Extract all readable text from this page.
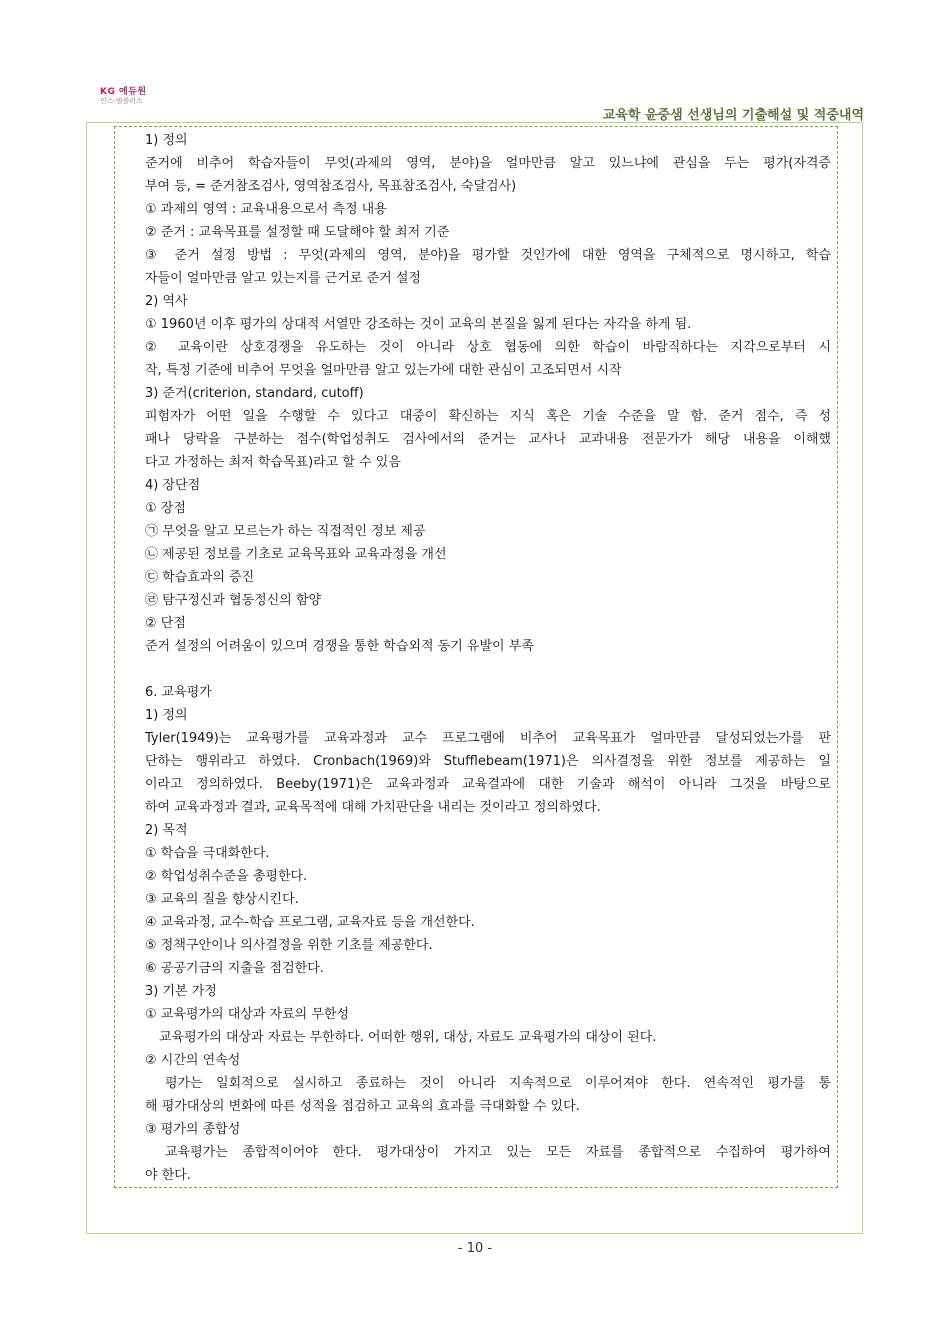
KG 에듀원
인스·범플러스
교육학 윤중샘 선생님의 기출해설 및 적중내역
1) 정의
준거에 비추어 학습자들이 무엇(과제의 영역, 분야)을 얼마만큼 알고 있느냐에 관심을 두는 평가(자격증
부여 등, = 준거참조검사, 영역참조검사, 목표참조검사, 숙달검사)
① 과제의 영역 : 교육내용으로서 측정 내용
② 준거 : 교육목표를 설정할 때 도달해야 할 최저 기준
③ 준거 설정 방법 : 무엇(과제의 영역, 분야)을 평가할 것인가에 대한 영역을 구체적으로 명시하고, 학습
자들이 얼마만큼 알고 있는지를 근거로 준거 설정
2) 역사
① 1960년 이후 평가의 상대적 서열만 강조하는 것이 교육의 본질을 잃게 된다는 자각을 하게 됨.
② 교육이란 상호경쟁을 유도하는 것이 아니라 상호 협동에 의한 학습이 바람직하다는 지각으로부터 시
작, 특정 기준에 비추어 무엇을 얼마만큼 알고 있는가에 대한 관심이 고조되면서 시작
3) 준거(criterion, standard, cutoff)
피험자가 어떤 일을 수행할 수 있다고 대중이 확신하는 지식 혹은 기술 수준을 말 함. 준거 점수, 즉 성
패나 당락을 구분하는 점수(학업성취도 검사에서의 준거는 교사나 교과내용 전문가가 해당 내용을 이해했
다고 가정하는 최저 학습목표)라고 할 수 있음
4) 장단점
① 장점
㉠ 무엇을 알고 모르는가 하는 직접적인 정보 제공
㉡ 제공된 정보를 기초로 교육목표와 교육과정을 개선
㉢ 학습효과의 증진
㉣ 탐구정신과 협동정신의 함양
② 단점
준거 설정의 어려움이 있으며 경쟁을 통한 학습외적 동기 유발이 부족
6. 교육평가
1) 정의
Tyler(1949)는 교육평가를 교육과정과 교수 프로그램에 비추어 교육목표가 얼마만큼 달성되었는가를 판
단하는 행위라고 하였다. Cronbach(1969)와 Stufflebeam(1971)은 의사결정을 위한 정보를 제공하는 일
이라고 정의하였다. Beeby(1971)은 교육과정과 교육결과에 대한 기술과 해석이 아니라 그것을 바탕으로
하여 교육과정과 결과, 교육목적에 대해 가치판단을 내리는 것이라고 정의하였다.
2) 목적
① 학습을 극대화한다.
② 학업성취수준을 총평한다.
③ 교육의 질을 향상시킨다.
④ 교육과정, 교수-학습 프로그램, 교육자료 등을 개선한다.
⑤ 정책구안이나 의사결정을 위한 기초를 제공한다.
⑥ 공공기금의 지출을 점검한다.
3) 기본 가정
① 교육평가의 대상과 자료의 무한성
교육평가의 대상과 자료는 무한하다. 어떠한 행위, 대상, 자료도 교육평가의 대상이 된다.
② 시간의 연속성
평가는 일회적으로 실시하고 종료하는 것이 아니라 지속적으로 이루어져야 한다. 연속적인 평가를 통
해 평가대상의 변화에 따른 성적을 점검하고 교육의 효과를 극대화할 수 있다.
③ 평가의 종합성
교육평가는 종합적이어야 한다. 평가대상이 가지고 있는 모든 자료를 종합적으로 수집하여 평가하여
야 한다.
- 10 -
